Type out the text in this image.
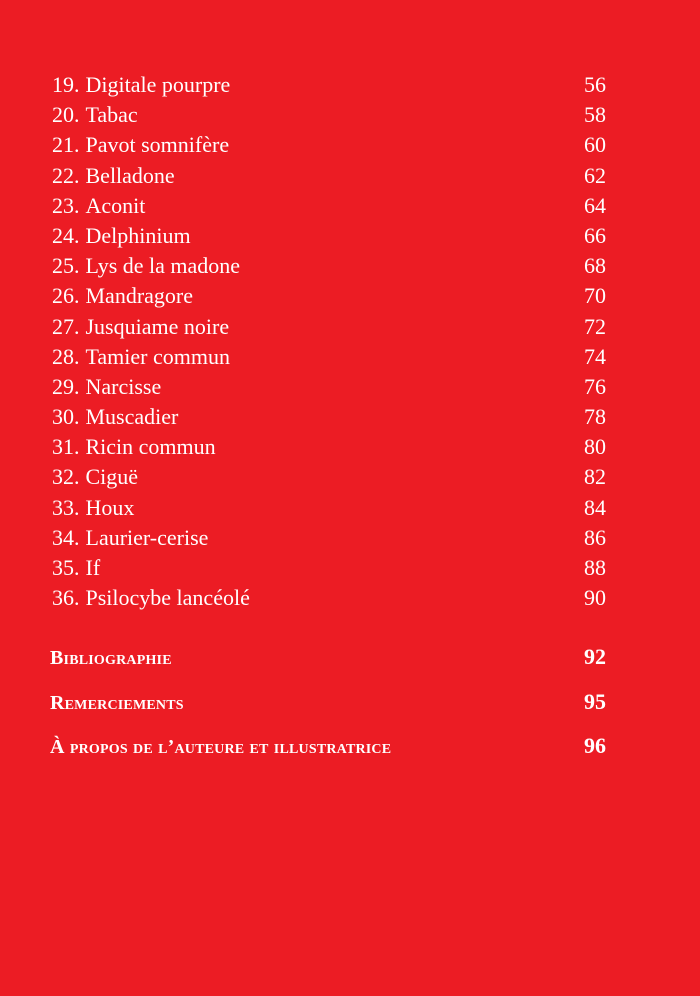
19. Digitale pourpre	56
20. Tabac	58
21. Pavot somnifère	60
22. Belladone	62
23. Aconit	64
24. Delphinium	66
25. Lys de la madone	68
26. Mandragore	70
27. Jusquiame noire	72
28. Tamier commun	74
29. Narcisse	76
30. Muscadier	78
31. Ricin commun	80
32. Ciguë	82
33. Houx	84
34. Laurier-cerise	86
35. If	88
36. Psilocybe lancéolé	90
Bibliographie	92
Remerciements	95
À propos de l’auteure et illustratrice	96
